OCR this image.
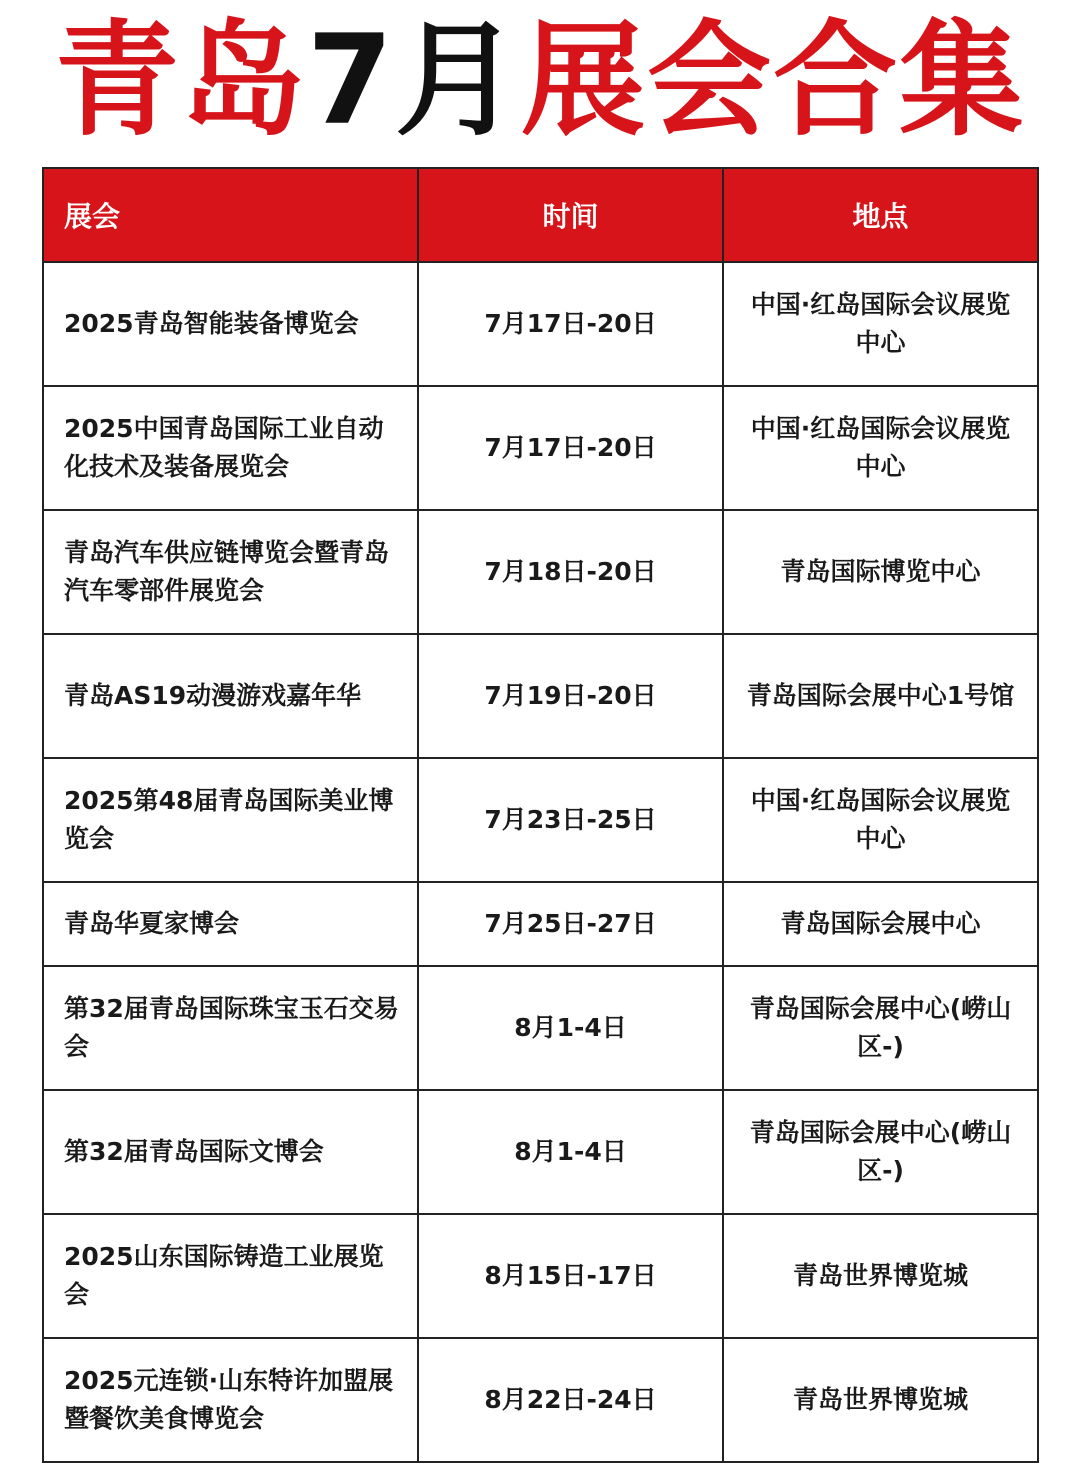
青岛7月展会合集
展会	时间	地点
2025青岛智能装备博览会	7月17日-20日	中国·红岛国际会议展览中心
2025中国青岛国际工业自动化技术及装备展览会	7月17日-20日	中国·红岛国际会议展览中心
青岛汽车供应链博览会暨青岛汽车零部件展览会	7月18日-20日	青岛国际博览中心
青岛AS19动漫游戏嘉年华	7月19日-20日	青岛国际会展中心1号馆
2025第48届青岛国际美业博览会	7月23日-25日	中国·红岛国际会议展览中心
青岛华夏家博会	7月25日-27日	青岛国际会展中心
第32届青岛国际珠宝玉石交易会	8月1-4日	青岛国际会展中心(崂山区-)
第32届青岛国际文博会	8月1-4日	青岛国际会展中心(崂山区-)
2025山东国际铸造工业展览会	8月15日-17日	青岛世界博览城
2025元连锁·山东特许加盟展暨餐饮美食博览会	8月22日-24日	青岛世界博览城
